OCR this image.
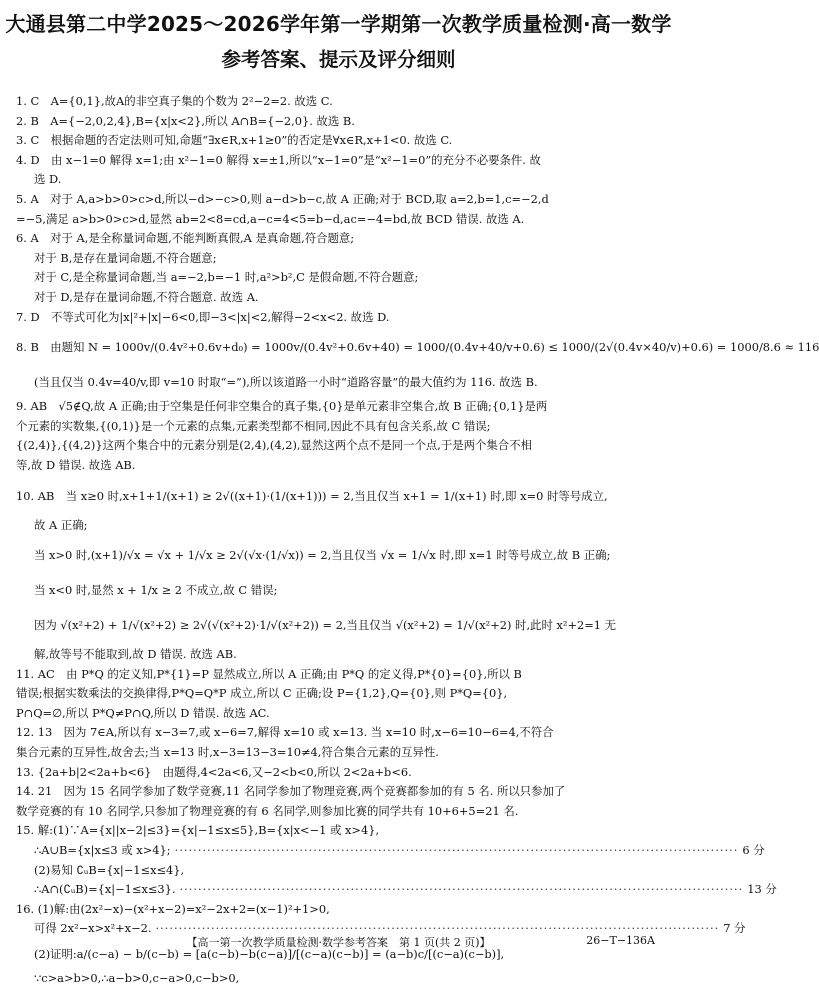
大通县第二中学2025～2026学年第一学期第一次教学质量检测·高一数学
参考答案、提示及评分细则
1. C　A={0,1},故A的非空真子集的个数为 2²−2=2. 故选 C.
2. B　A={−2,0,2,4},B={x|x<2},所以 A∩B={−2,0}. 故选 B.
3. C　根据命题的否定法则可知,命题“∃x∈R,x+1≥0”的否定是∀x∈R,x+1<0. 故选 C.
4. D　由 x−1=0 解得 x=1;由 x²−1=0 解得 x=±1,所以“x−1=0”是“x²−1=0”的充分不必要条件. 故
选 D.
5. A　对于 A,a>b>0>c>d,所以−d>−c>0,则 a−d>b−c,故 A 正确;对于 BCD,取 a=2,b=1,c=−2,d
=−5,满足 a>b>0>c>d,显然 ab=2<8=cd,a−c=4<5=b−d,ac=−4=bd,故 BCD 错误. 故选 A.
6. A　对于 A,是全称量词命题,不能判断真假,A 是真命题,符合题意;
对于 B,是存在量词命题,不符合题意;
对于 C,是全称量词命题,当 a=−2,b=−1 时,a²>b²,C 是假命题,不符合题意;
对于 D,是存在量词命题,不符合题意. 故选 A.
7. D　不等式可化为|x|²+|x|−6<0,即−3<|x|<2,解得−2<x<2. 故选 D.
8. B　由题知 N = 1000v/(0.4v²+0.6v+d₀) = 1000v/(0.4v²+0.6v+40) = 1000/(0.4v+40/v+0.6) ≤ 1000/(2√(0.4v×40/v)+0.6) = 1000/8.6 ≈ 116
(当且仅当 0.4v=40/v,即 v=10 时取“=”),所以该道路一小时“道路容量”的最大值约为 116. 故选 B.
9. AB　√5∉Q,故 A 正确;由于空集是任何非空集合的真子集,{0}是单元素非空集合,故 B 正确;{0,1}是两
个元素的实数集,{(0,1)}是一个元素的点集,元素类型都不相同,因此不具有包含关系,故 C 错误;
{(2,4)},{(4,2)}这两个集合中的元素分别是(2,4),(4,2),显然这两个点不是同一个点,于是两个集合不相
等,故 D 错误. 故选 AB.
10. AB　当 x≥0 时,x+1+1/(x+1) ≥ 2√((x+1)·(1/(x+1))) = 2,当且仅当 x+1 = 1/(x+1) 时,即 x=0 时等号成立,
故 A 正确;
当 x>0 时,(x+1)/√x = √x + 1/√x ≥ 2√(√x·(1/√x)) = 2,当且仅当 √x = 1/√x 时,即 x=1 时等号成立,故 B 正确;
当 x<0 时,显然 x + 1/x ≥ 2 不成立,故 C 错误;
因为 √(x²+2) + 1/√(x²+2) ≥ 2√(√(x²+2)·1/√(x²+2)) = 2,当且仅当 √(x²+2) = 1/√(x²+2) 时,此时 x²+2=1 无
解,故等号不能取到,故 D 错误. 故选 AB.
11. AC　由 P*Q 的定义知,P*{1}=P 显然成立,所以 A 正确;由 P*Q 的定义得,P*{0}={0},所以 B
错误;根据实数乘法的交换律得,P*Q=Q*P 成立,所以 C 正确;设 P={1,2},Q={0},则 P*Q={0},
P∩Q=∅,所以 P*Q≠P∩Q,所以 D 错误. 故选 AC.
12. 13　因为 7∈A,所以有 x−3=7,或 x−6=7,解得 x=10 或 x=13. 当 x=10 时,x−6=10−6=4,不符合
集合元素的互异性,故舍去;当 x=13 时,x−3=13−3=10≠4,符合集合元素的互异性.
13. {2a+b|2<2a+b<6}　由题得,4<2a<6,又−2<b<0,所以 2<2a+b<6.
14. 21　因为 15 名同学参加了数学竞赛,11 名同学参加了物理竞赛,两个竞赛都参加的有 5 名. 所以只参加了
数学竞赛的有 10 名同学,只参加了物理竞赛的有 6 名同学,则参加比赛的同学共有 10+6+5=21 名.
15. 解:(1)∵A={x||x−2|≤3}={x|−1≤x≤5},B={x|x<−1 或 x>4},
∴A∪B={x|x≤3 或 x>4}; ·····	6 分
(2)易知 ∁ᵤB={x|−1≤x≤4},
∴A∩(∁ᵤB)={x|−1≤x≤3}. ·····	13 分
16. (1)解:由(2x²−x)−(x²+x−2)=x²−2x+2=(x−1)²+1>0,
可得 2x²−x>x²+x−2. ·····	7 分
(2)证明:a/(c−a) − b/(c−b) = [a(c−b)−b(c−a)]/[(c−a)(c−b)] = (a−b)c/[(c−a)(c−b)],
∵c>a>b>0,∴a−b>0,c−a>0,c−b>0,
【高一第一次教学质量检测·数学参考答案　第 1 页(共 2 页)】	26−T−136A
